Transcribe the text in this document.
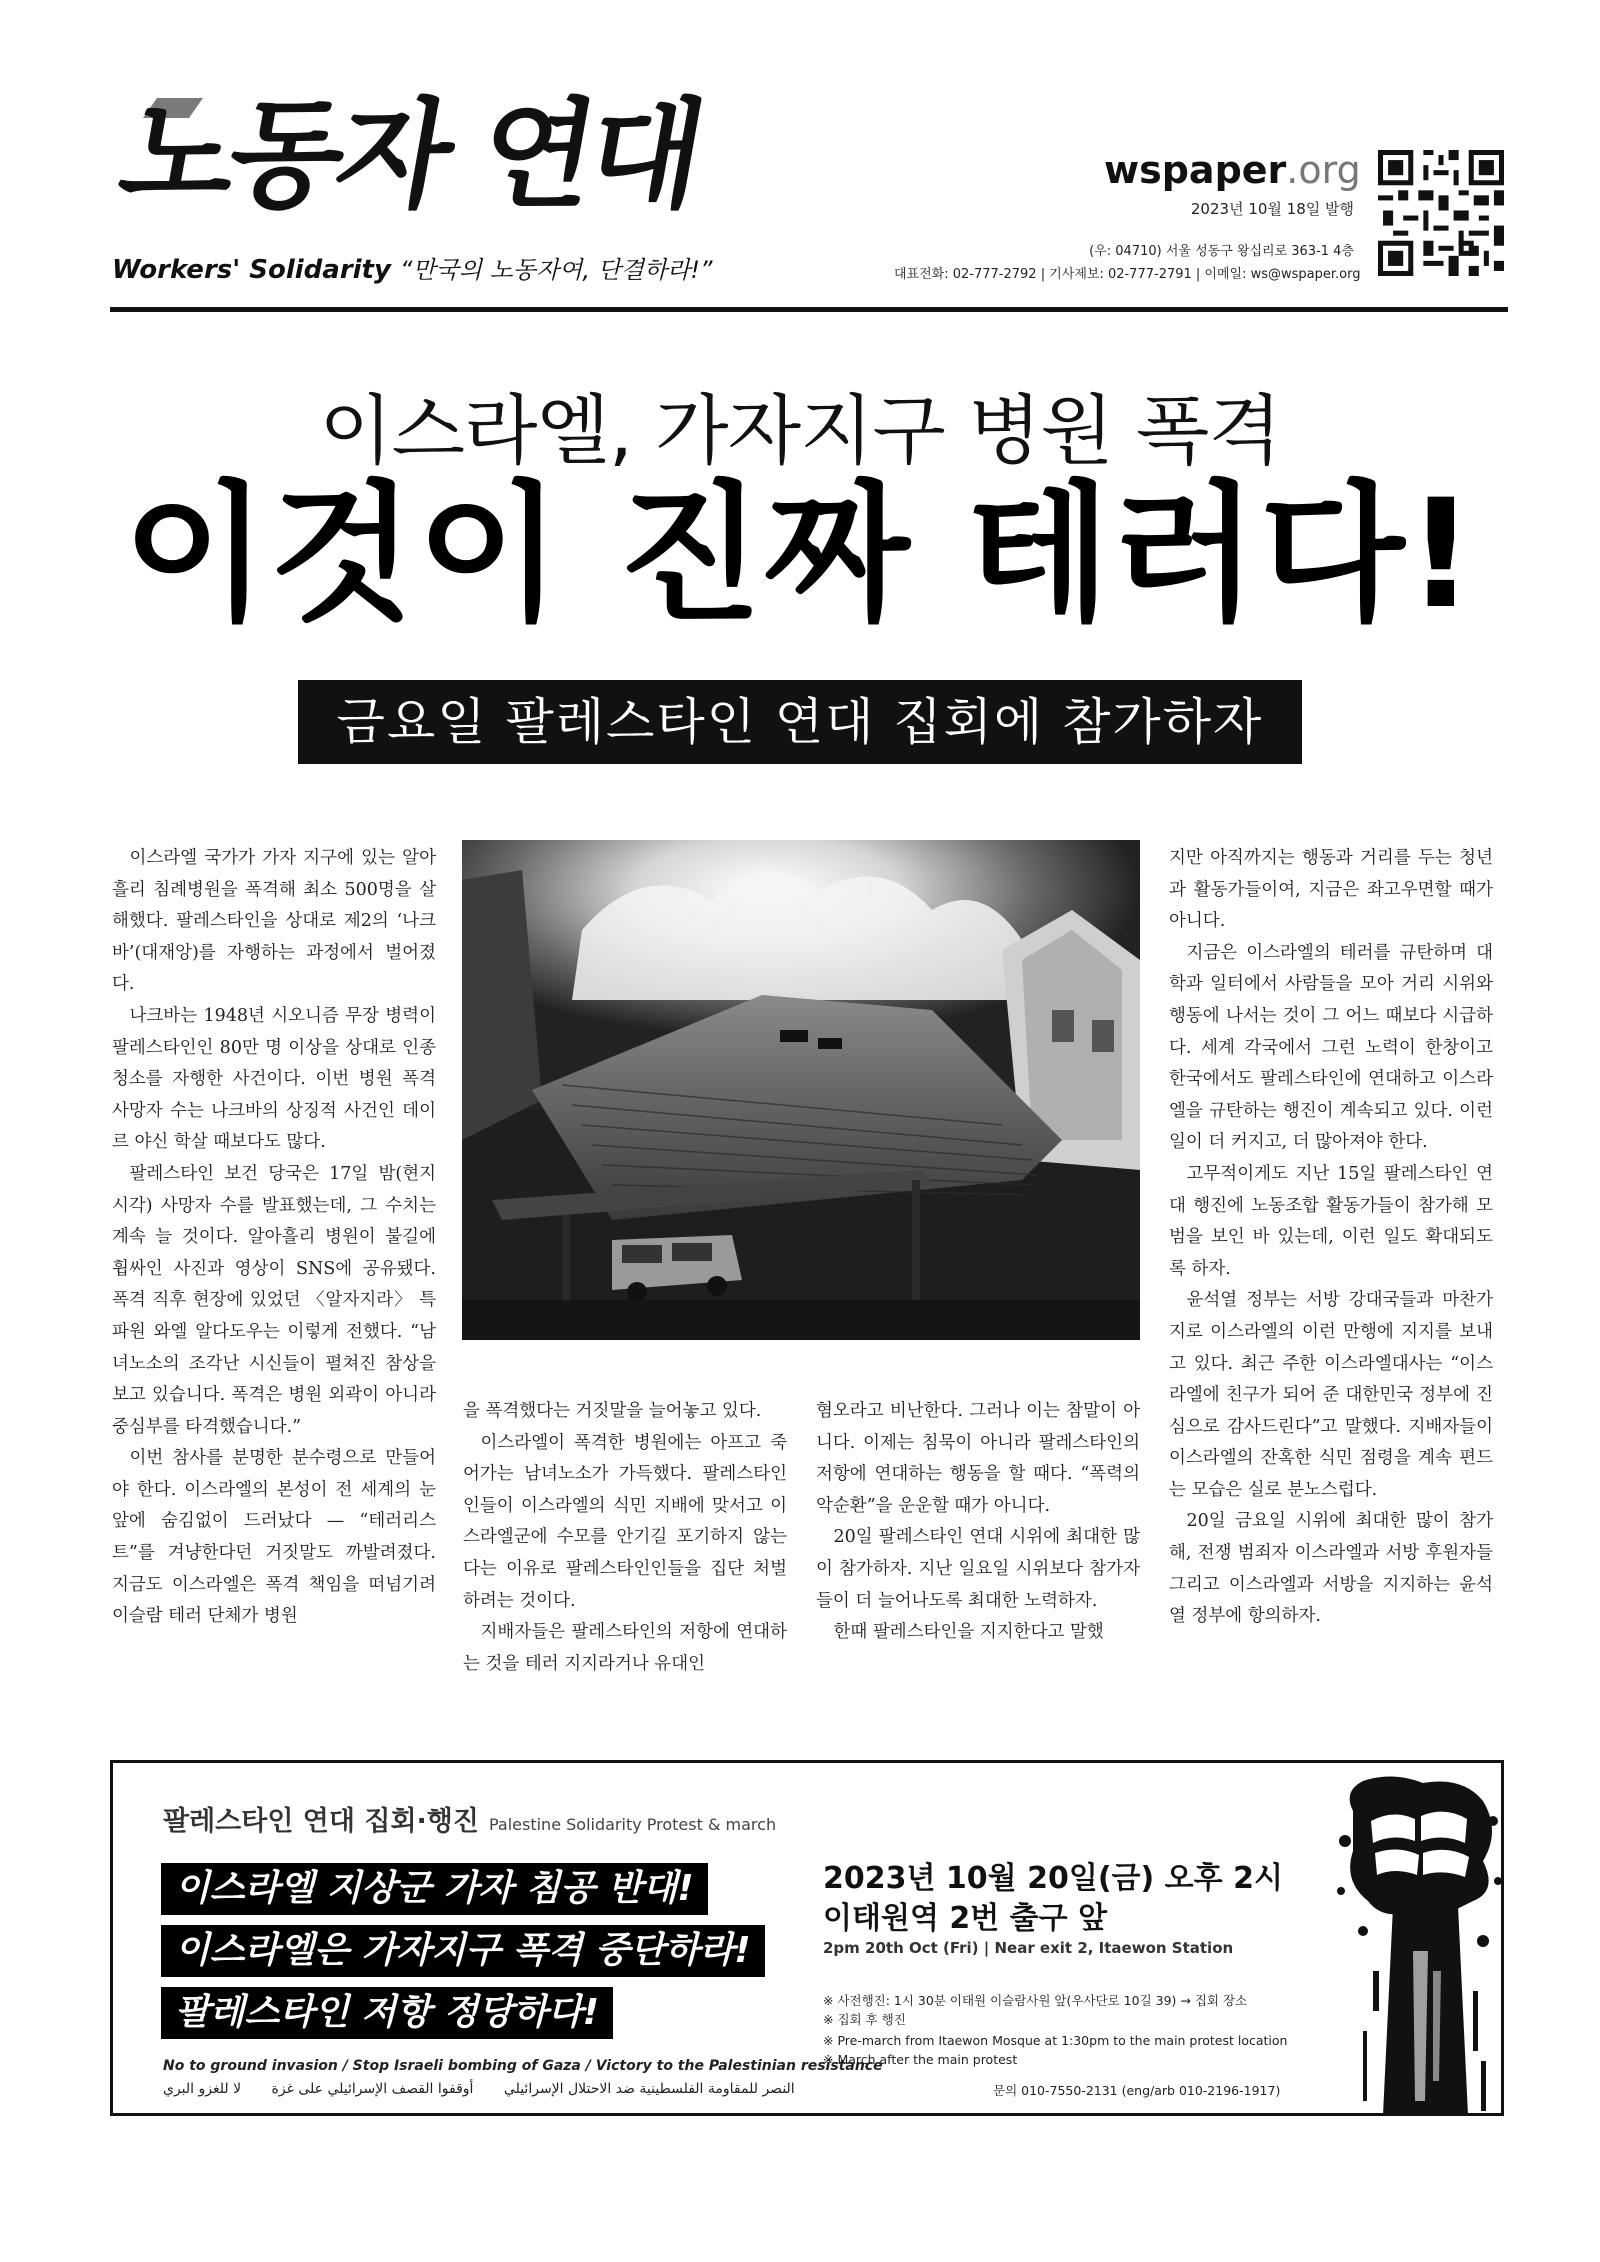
노동자 연대
Workers' Solidarity “만국의 노동자여, 단결하라!”
wspaper.org
2023년 10월 18일 발행
(우: 04710) 서울 성동구 왕십리로 363-1 4층
대표전화: 02-777-2792 | 기사제보: 02-777-2791 | 이메일: ws@wspaper.org
이스라엘, 가자지구 병원 폭격
이것이 진짜 테러다!
금요일 팔레스타인 연대 집회에 참가하자

이스라엘 국가가 가자 지구에 있는 알아흘리 침례병원을 폭격해 최소 500명을 살해했다. 팔레스타인을 상대로 제2의 ‘나크바’(대재앙)를 자행하는 과정에서 벌어졌다.

나크바는 1948년 시오니즘 무장 병력이 팔레스타인인 80만 명 이상을 상대로 인종 청소를 자행한 사건이다. 이번 병원 폭격 사망자 수는 나크바의 상징적 사건인 데이르 야신 학살 때보다도 많다.

팔레스타인 보건 당국은 17일 밤(현지 시각) 사망자 수를 발표했는데, 그 수치는 계속 늘 것이다. 알아흘리 병원이 불길에 휩싸인 사진과 영상이 SNS에 공유됐다. 폭격 직후 현장에 있었던 〈알자지라〉 특파원 와엘 알다도우는 이렇게 전했다. “남녀노소의 조각난 시신들이 펼쳐진 참상을 보고 있습니다. 폭격은 병원 외곽이 아니라 중심부를 타격했습니다.”

이번 참사를 분명한 분수령으로 만들어야 한다. 이스라엘의 본성이 전 세계의 눈앞에 숨김없이 드러났다 — “테러리스트”를 겨냥한다던 거짓말도 까발려졌다. 지금도 이스라엘은 폭격 책임을 떠넘기려 이슬람 테러 단체가 병원

을 폭격했다는 거짓말을 늘어놓고 있다.

이스라엘이 폭격한 병원에는 아프고 죽어가는 남녀노소가 가득했다. 팔레스타인인들이 이스라엘의 식민 지배에 맞서고 이스라엘군에 수모를 안기길 포기하지 않는다는 이유로 팔레스타인인들을 집단 처벌하려는 것이다.

지배자들은 팔레스타인의 저항에 연대하는 것을 테러 지지라거나 유대인

혐오라고 비난한다. 그러나 이는 참말이 아니다. 이제는 침묵이 아니라 팔레스타인의 저항에 연대하는 행동을 할 때다. “폭력의 악순환”을 운운할 때가 아니다.

20일 팔레스타인 연대 시위에 최대한 많이 참가하자. 지난 일요일 시위보다 참가자들이 더 늘어나도록 최대한 노력하자.

한때 팔레스타인을 지지한다고 말했

지만 아직까지는 행동과 거리를 두는 청년과 활동가들이여, 지금은 좌고우면할 때가 아니다.

지금은 이스라엘의 테러를 규탄하며 대학과 일터에서 사람들을 모아 거리 시위와 행동에 나서는 것이 그 어느 때보다 시급하다. 세계 각국에서 그런 노력이 한창이고 한국에서도 팔레스타인에 연대하고 이스라엘을 규탄하는 행진이 계속되고 있다. 이런 일이 더 커지고, 더 많아져야 한다.

고무적이게도 지난 15일 팔레스타인 연대 행진에 노동조합 활동가들이 참가해 모범을 보인 바 있는데, 이런 일도 확대되도록 하자.

윤석열 정부는 서방 강대국들과 마찬가지로 이스라엘의 이런 만행에 지지를 보내고 있다. 최근 주한 이스라엘대사는 “이스라엘에 친구가 되어 준 대한민국 정부에 진심으로 감사드린다”고 말했다. 지배자들이 이스라엘의 잔혹한 식민 점령을 계속 편드는 모습은 실로 분노스럽다.

20일 금요일 시위에 최대한 많이 참가해, 전쟁 범죄자 이스라엘과 서방 후원자들 그리고 이스라엘과 서방을 지지하는 윤석열 정부에 항의하자.

팔레스타인 연대 집회·행진 Palestine Solidarity Protest & march
이스라엘 지상군 가자 침공 반대!
이스라엘은 가자지구 폭격 중단하라!
팔레스타인 저항 정당하다!
No to ground invasion / Stop Israeli bombing of Gaza / Victory to the Palestinian resistance
النصر للمقاومة الفلسطينية ضد الاحتلال الإسرائيلي أوقفوا القصف الإسرائيلي على غزة لا للغزو البري
2023년 10월 20일(금) 오후 2시
이태원역 2번 출구 앞
2pm 20th Oct (Fri) | Near exit 2, Itaewon Station
※ 사전행진: 1시 30분 이태원 이슬람사원 앞(우사단로 10길 39) → 집회 장소
※ 집회 후 행진
※ Pre-march from Itaewon Mosque at 1:30pm to the main protest location
※ March after the main protest
문의 010-7550-2131 (eng/arb 010-2196-1917)
